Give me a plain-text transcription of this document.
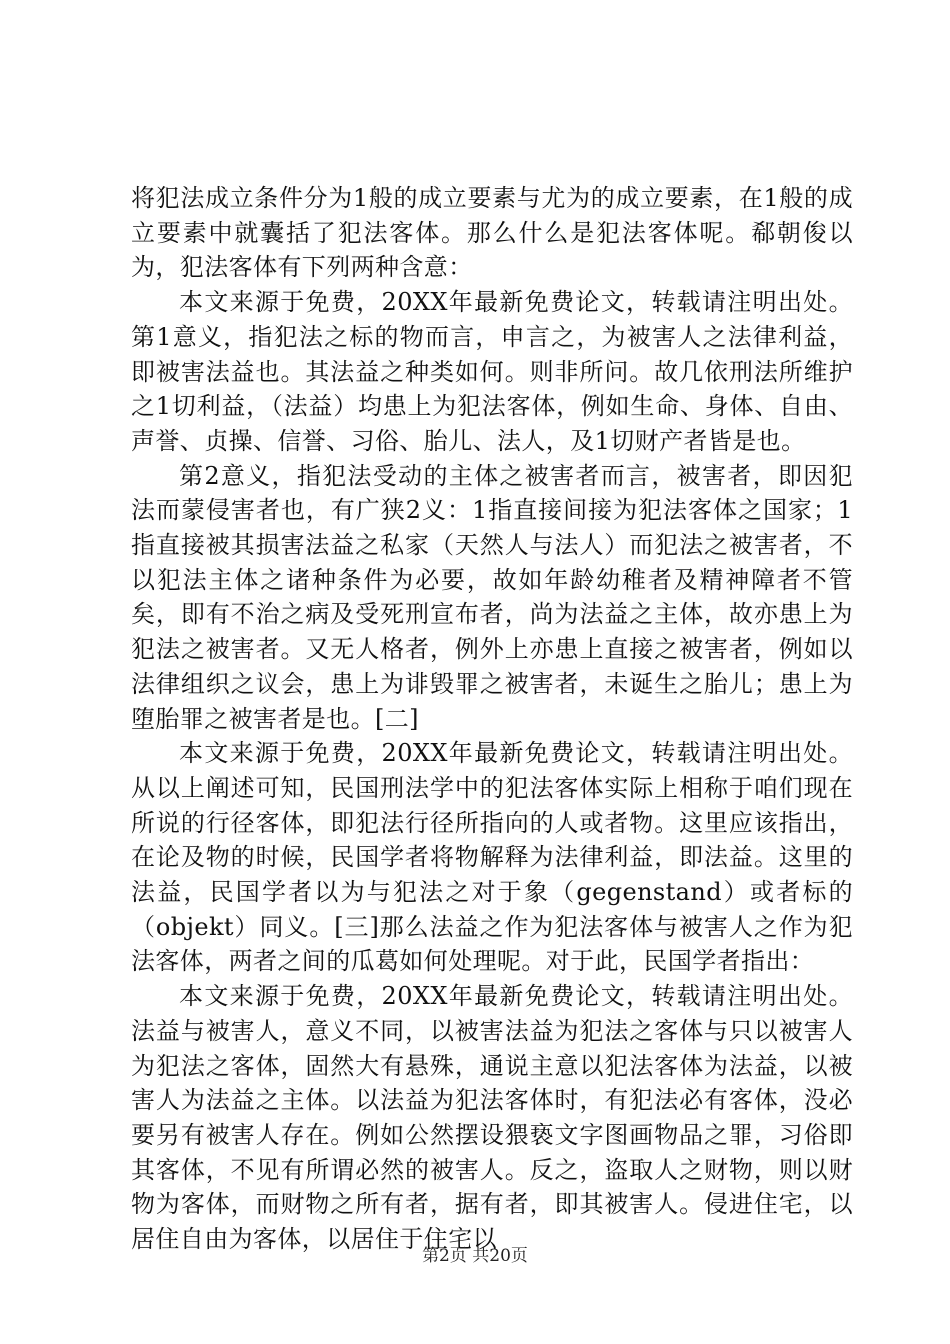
将犯法成立条件分为1般的成立要素与尤为的成立要素，在1般的成立要素中就囊括了犯法客体。那么什么是犯法客体呢。郗朝俊以为，犯法客体有下列两种含意：

本文来源于免费，20XX年最新免费论文，转载请注明出处。第1意义，指犯法之标的物而言，申言之，为被害人之法律利益，即被害法益也。其法益之种类如何。则非所问。故几依刑法所维护之1切利益，（法益）均患上为犯法客体，例如生命、身体、自由、声誉、贞操、信誉、习俗、胎儿、法人，及1切财产者皆是也。

第2意义，指犯法受动的主体之被害者而言，被害者，即因犯法而蒙侵害者也，有广狭2义：1指直接间接为犯法客体之国家；1指直接被其损害法益之私家（天然人与法人）而犯法之被害者，不以犯法主体之诸种条件为必要，故如年龄幼稚者及精神障者不管矣，即有不治之病及受死刑宣布者，尚为法益之主体，故亦患上为犯法之被害者。又无人格者，例外上亦患上直接之被害者，例如以法律组织之议会，患上为诽毁罪之被害者，未诞生之胎儿；患上为堕胎罪之被害者是也。[二]

本文来源于免费，20XX年最新免费论文，转载请注明出处。从以上阐述可知，民国刑法学中的犯法客体实际上相称于咱们现在所说的行径客体，即犯法行径所指向的人或者物。这里应该指出，在论及物的时候，民国学者将物解释为法律利益，即法益。这里的法益，民国学者以为与犯法之对于象（gegenstand）或者标的（objekt）同义。[三]那么法益之作为犯法客体与被害人之作为犯法客体，两者之间的瓜葛如何处理呢。对于此，民国学者指出：

本文来源于免费，20XX年最新免费论文，转载请注明出处。法益与被害人，意义不同，以被害法益为犯法之客体与只以被害人为犯法之客体，固然大有悬殊，通说主意以犯法客体为法益，以被害人为法益之主体。以法益为犯法客体时，有犯法必有客体，没必要另有被害人存在。例如公然摆设猥亵文字图画物品之罪，习俗即其客体，不见有所谓必然的被害人。反之，盗取人之财物，则以财物为客体，而财物之所有者，据有者，即其被害人。侵进住宅，以居住自由为客体，以居住于住宅以

第2页 共20页
